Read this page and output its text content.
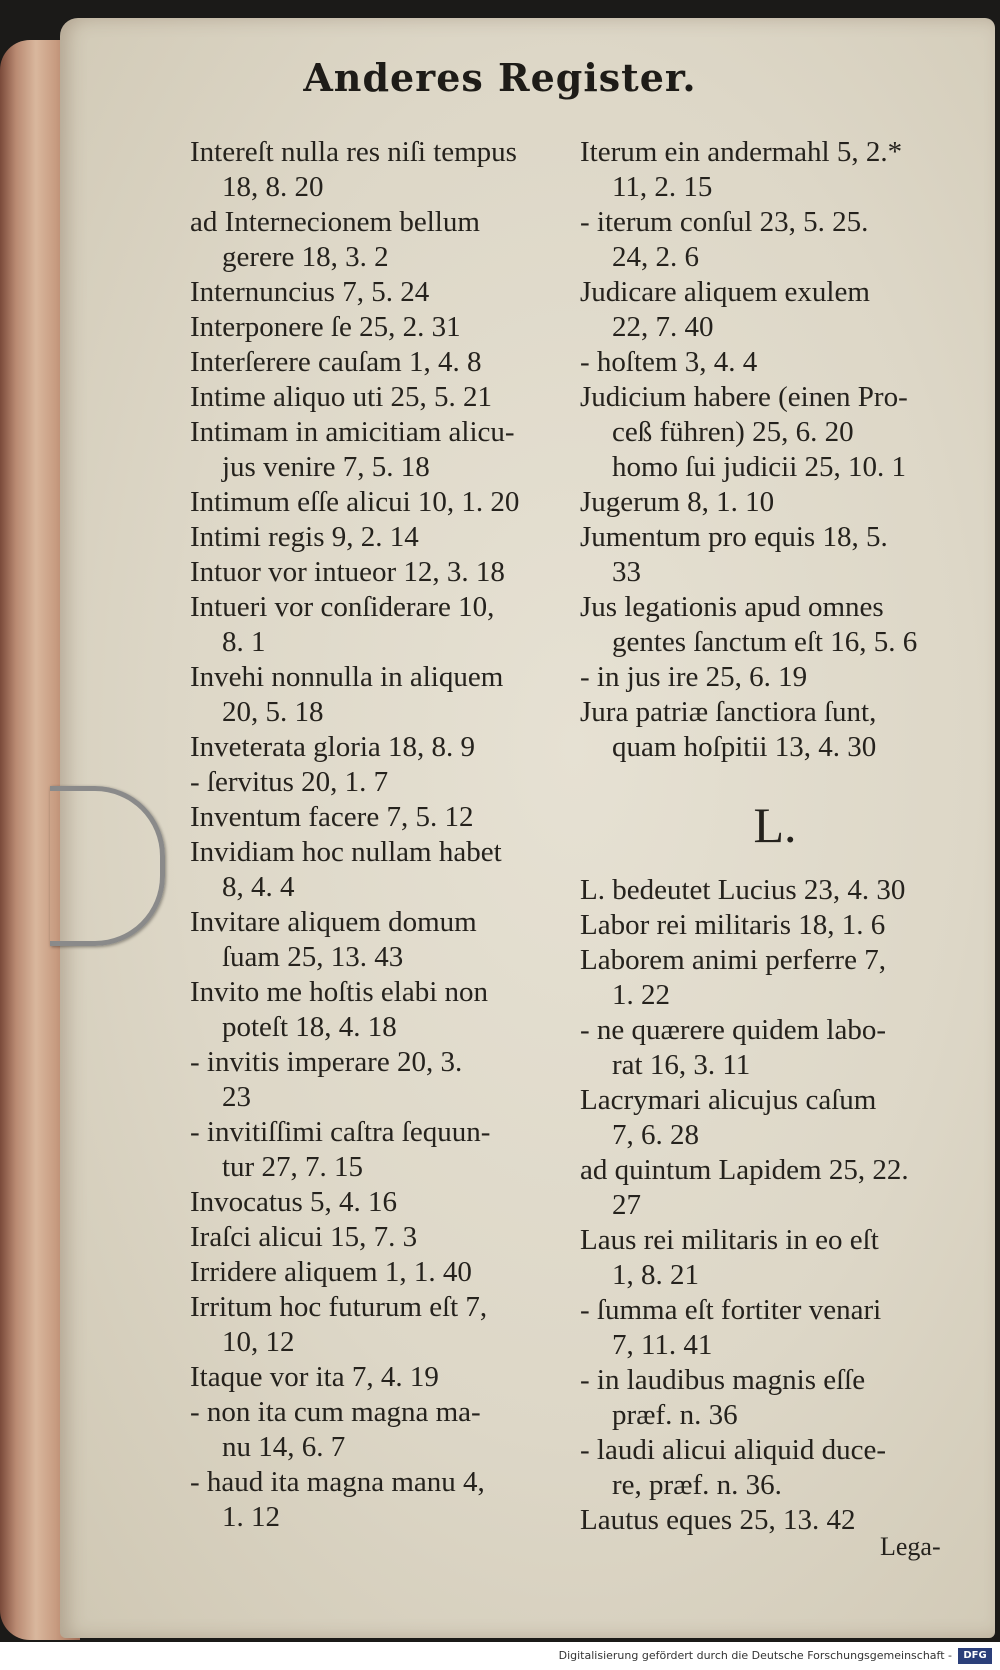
Anderes Register.
Intereſt nulla res niſi tempus
18, 8. 20
ad Internecionem bellum
gerere 18, 3. 2
Internuncius 7, 5. 24
Interponere ſe 25, 2. 31
Interſerere cauſam 1, 4. 8
Intime aliquo uti 25, 5. 21
Intimam in amicitiam alicu-
jus venire 7, 5. 18
Intimum eſſe alicui 10, 1. 20
Intimi regis 9, 2. 14
Intuor vor intueor 12, 3. 18
Intueri vor conſiderare 10,
8. 1
Invehi nonnulla in aliquem
20, 5. 18
Inveterata gloria 18, 8. 9
- ſervitus 20, 1. 7
Inventum facere 7, 5. 12
Invidiam hoc nullam habet
8, 4. 4
Invitare aliquem domum
ſuam 25, 13. 43
Invito me hoſtis elabi non
poteſt 18, 4. 18
- invitis imperare 20, 3.
23
- invitiſſimi caſtra ſequun-
tur 27, 7. 15
Invocatus 5, 4. 16
Iraſci alicui 15, 7. 3
Irridere aliquem 1, 1. 40
Irritum hoc futurum eſt 7,
10, 12
Itaque vor ita 7, 4. 19
- non ita cum magna ma-
nu 14, 6. 7
- haud ita magna manu 4,
1. 12
Iterum ein andermahl 5, 2.*
11, 2. 15
- iterum conſul 23, 5. 25.
24, 2. 6
Judicare aliquem exulem
22, 7. 40
- hoſtem 3, 4. 4
Judicium habere (einen Pro-
ceß führen) 25, 6. 20
homo ſui judicii 25, 10. 1
Jugerum 8, 1. 10
Jumentum pro equis 18, 5.
33
Jus legationis apud omnes
gentes ſanctum eſt 16, 5. 6
- in jus ire 25, 6. 19
Jura patriæ ſanctiora ſunt,
quam hoſpitii 13, 4. 30
L.
L. bedeutet Lucius 23, 4. 30
Labor rei militaris 18, 1. 6
Laborem animi perferre 7,
1. 22
- ne quærere quidem labo-
rat 16, 3. 11
Lacrymari alicujus caſum
7, 6. 28
ad quintum Lapidem 25, 22.
27
Laus rei militaris in eo eſt
1, 8. 21
- ſumma eſt fortiter venari
7, 11. 41
- in laudibus magnis eſſe
præf. n. 36
- laudi alicui aliquid duce-
re, præf. n. 36.
Lautus eques 25, 13. 42
Lega-
Digitalisierung gefördert durch die Deutsche Forschungsgemeinschaft -	DFG
